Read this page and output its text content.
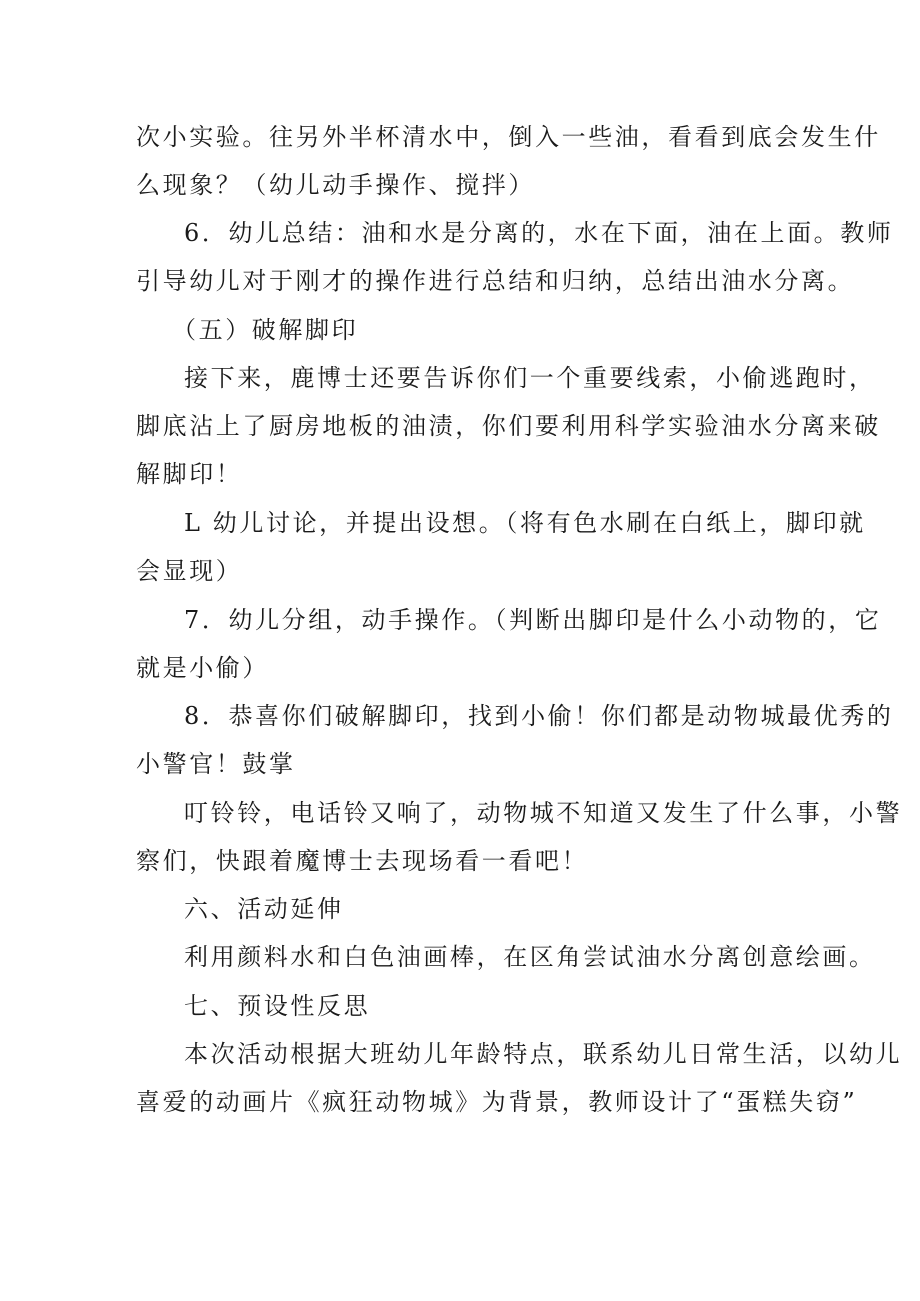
次小实验。往另外半杯清水中，倒入一些油，看看到底会发生什
么现象？（幼儿动手操作、搅拌）
6．幼儿总结：油和水是分离的，水在下面，油在上面。教师
引导幼儿对于刚才的操作进行总结和归纳，总结出油水分离。
（五）破解脚印
接下来，鹿博士还要告诉你们一个重要线索，小偷逃跑时，
脚底沾上了厨房地板的油渍，你们要利用科学实验油水分离来破
解脚印！
L 幼儿讨论，并提出设想。（将有色水刷在白纸上，脚印就
会显现）
7．幼儿分组，动手操作。（判断出脚印是什么小动物的，它
就是小偷）
8．恭喜你们破解脚印，找到小偷！你们都是动物城最优秀的
小警官！鼓掌
叮铃铃，电话铃又响了，动物城不知道又发生了什么事，小警
察们，快跟着魔博士去现场看一看吧！
六、活动延伸
利用颜料水和白色油画棒，在区角尝试油水分离创意绘画。
七、预设性反思
本次活动根据大班幼儿年龄特点，联系幼儿日常生活，以幼儿
喜爱的动画片《疯狂动物城》为背景，教师设计了“蛋糕失窃”
